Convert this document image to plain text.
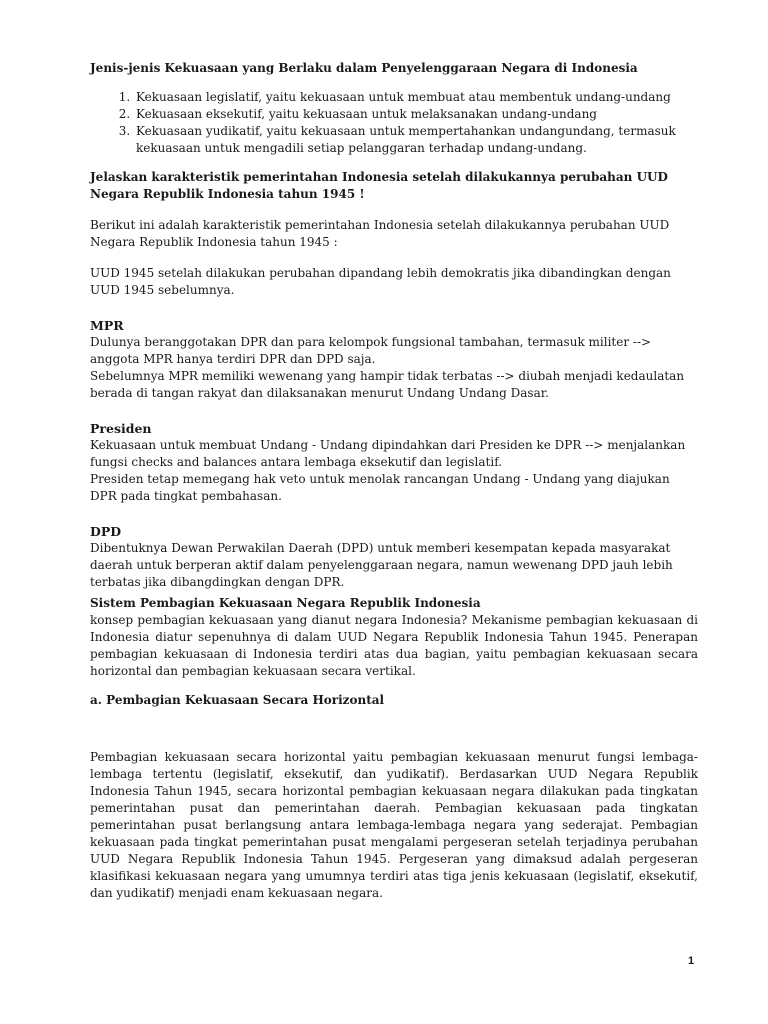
Jenis-jenis Kekuasaan yang Berlaku dalam Penyelenggaraan Negara di Indonesia
1. Kekuasaan legislatif, yaitu kekuasaan untuk membuat atau membentuk undang-undang
2. Kekuasaan eksekutif, yaitu kekuasaan untuk melaksanakan undang-undang
3. Kekuasaan yudikatif, yaitu kekuasaan untuk mempertahankan undangundang, termasuk kekuasaan untuk mengadili setiap pelanggaran terhadap undang-undang.
Jelaskan karakteristik pemerintahan Indonesia setelah dilakukannya perubahan UUD Negara Republik Indonesia tahun 1945 !

Berikut ini adalah karakteristik pemerintahan Indonesia setelah dilakukannya perubahan UUD Negara Republik Indonesia tahun 1945 :

UUD 1945 setelah dilakukan perubahan dipandang lebih demokratis jika dibandingkan dengan UUD 1945 sebelumnya.

MPR
Dulunya beranggotakan DPR dan para kelompok fungsional tambahan, termasuk militer --> anggota MPR hanya terdiri DPR dan DPD saja.
Sebelumnya MPR memiliki wewenang yang hampir tidak terbatas --> diubah menjadi kedaulatan berada di tangan rakyat dan dilaksanakan menurut Undang Undang Dasar.
Presiden
Kekuasaan untuk membuat Undang - Undang dipindahkan dari Presiden ke DPR --> menjalankan fungsi checks and balances antara lembaga eksekutif dan legislatif.
Presiden tetap memegang hak veto untuk menolak rancangan Undang - Undang yang diajukan DPR pada tingkat pembahasan.
DPD
Dibentuknya Dewan Perwakilan Daerah (DPD) untuk memberi kesempatan kepada masyarakat daerah untuk berperan aktif dalam penyelenggaraan negara, namun wewenang DPD jauh lebih terbatas jika dibangdingkan dengan DPR.
Sistem Pembagian Kekuasaan Negara Republik Indonesia
konsep pembagian kekuasaan yang dianut negara Indonesia? Mekanisme pembagian kekuasaan di Indonesia diatur sepenuhnya di dalam UUD Negara Republik Indonesia Tahun 1945. Penerapan pembagian kekuasaan di Indonesia terdiri atas dua bagian, yaitu pembagian kekuasaan secara horizontal dan pembagian kekuasaan secara vertikal.
a. Pembagian Kekuasaan Secara Horizontal
Pembagian kekuasaan secara horizontal yaitu pembagian kekuasaan menurut fungsi lembaga-lembaga tertentu (legislatif, eksekutif, dan yudikatif). Berdasarkan UUD Negara Republik Indonesia Tahun 1945, secara horizontal pembagian kekuasaan negara dilakukan pada tingkatan pemerintahan pusat dan pemerintahan daerah. Pembagian kekuasaan pada tingkatan pemerintahan pusat berlangsung antara lembaga-lembaga negara yang sederajat. Pembagian kekuasaan pada tingkat pemerintahan pusat mengalami pergeseran setelah terjadinya perubahan UUD Negara Republik Indonesia Tahun 1945. Pergeseran yang dimaksud adalah pergeseran klasifikasi kekuasaan negara yang umumnya terdiri atas tiga jenis kekuasaan (legislatif, eksekutif, dan yudikatif) menjadi enam kekuasaan negara.
1
